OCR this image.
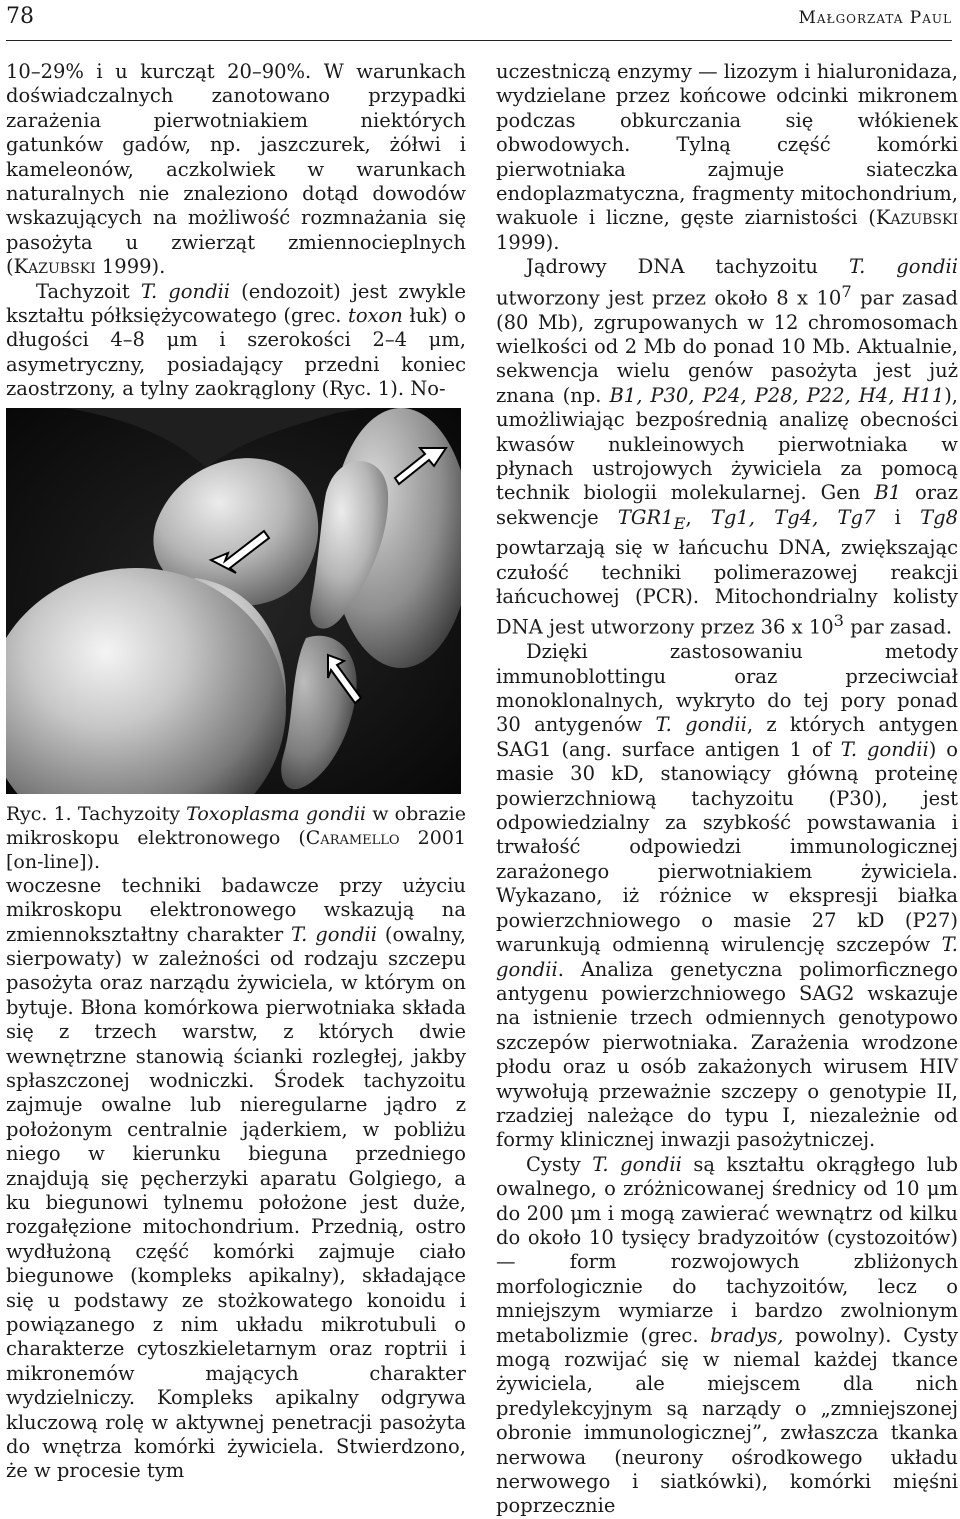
78	Małgorzata Paul

10–29% i u kurcząt 20–90%. W warunkach doświadczalnych zanotowano przypadki zarażenia pierwotniakiem niektórych gatunków gadów, np. jaszczurek, żółwi i kameleonów, aczkolwiek w warunkach naturalnych nie znaleziono dotąd dowodów wskazujących na możliwość rozmnażania się pasożyta u zwierząt zmiennocieplnych (Kazubski 1999).

Tachyzoit T. gondii (endozoit) jest zwykle kształtu półksiężycowatego (grec. toxon łuk) o długości 4–8 μm i szerokości 2–4 μm, asymetryczny, posiadający przedni koniec zaostrzony, a tylny zaokrąglony (Ryc. 1). No-

Ryc. 1. Tachyzoity Toxoplasma gondii w obrazie mikroskopu elektronowego (Caramello 2001 [on-line]).

woczesne techniki badawcze przy użyciu mikroskopu elektronowego wskazują na zmiennokształtny charakter T. gondii (owalny, sierpowaty) w zależności od rodzaju szczepu pasożyta oraz narządu żywiciela, w którym on bytuje. Błona komórkowa pierwotniaka składa się z trzech warstw, z których dwie wewnętrzne stanowią ścianki rozległej, jakby spłaszczonej wodniczki. Środek tachyzoitu zajmuje owalne lub nieregularne jądro z położonym centralnie jąderkiem, w pobliżu niego w kierunku bieguna przedniego znajdują się pęcherzyki aparatu Golgiego, a ku biegunowi tylnemu położone jest duże, rozgałęzione mitochondrium. Przednią, ostro wydłużoną część komórki zajmuje ciało biegunowe (kompleks apikalny), składające się u podstawy ze stożkowatego konoidu i powiązanego z nim układu mikrotubuli o charakterze cytoszkieletarnym oraz roptrii i mikronemów mających charakter wydzielniczy. Kompleks apikalny odgrywa kluczową rolę w aktywnej penetracji pasożyta do wnętrza komórki żywiciela. Stwierdzono, że w procesie tym

uczestniczą enzymy — lizozym i hialuronidaza, wydzielane przez końcowe odcinki mikronem podczas obkurczania się włókienek obwodowych. Tylną część komórki pierwotniaka zajmuje siateczka endoplazmatyczna, fragmenty mitochondrium, wakuole i liczne, gęste ziarnistości (Kazubski 1999).

Jądrowy DNA tachyzoitu T. gondii utworzony jest przez około 8 x $10^7$ par zasad (80 Mb), zgrupowanych w 12 chromosomach wielkości od 2 Mb do ponad 10 Mb. Aktualnie, sekwencja wielu genów pasożyta jest już znana (np. B1, P30, P24, P28, P22, H4, H11), umożliwiając bezpośrednią analizę obecności kwasów nukleinowych pierwotniaka w płynach ustrojowych żywiciela za pomocą technik biologii molekularnej. Gen B1 oraz sekwencje $TGR1_E$, Tg1, Tg4, Tg7 i Tg8 powtarzają się w łańcuchu DNA, zwiększając czułość techniki polimerazowej reakcji łańcuchowej (PCR). Mitochondrialny kolisty DNA jest utworzony przez 36 x $10^3$ par zasad.

Dzięki zastosowaniu metody immunoblottingu oraz przeciwciał monoklonalnych, wykryto do tej pory ponad 30 antygenów T. gondii, z których antygen SAG1 (ang. surface antigen 1 of T. gondii) o masie 30 kD, stanowiący główną proteinę powierzchniową tachyzoitu (P30), jest odpowiedzialny za szybkość powstawania i trwałość odpowiedzi immunologicznej zarażonego pierwotniakiem żywiciela. Wykazano, iż różnice w ekspresji białka powierzchniowego o masie 27 kD (P27) warunkują odmienną wirulencję szczepów T. gondii. Analiza genetyczna polimorficznego antygenu powierzchniowego SAG2 wskazuje na istnienie trzech odmiennych genotypowo szczepów pierwotniaka. Zarażenia wrodzone płodu oraz u osób zakażonych wirusem HIV wywołują przeważnie szczepy o genotypie II, rzadziej należące do typu I, niezależnie od formy klinicznej inwazji pasożytniczej.

Cysty T. gondii są kształtu okrągłego lub owalnego, o zróżnicowanej średnicy od 10 μm do 200 μm i mogą zawierać wewnątrz od kilku do około 10 tysięcy bradyzoitów (cystozoitów) — form rozwojowych zbliżonych morfologicznie do tachyzoitów, lecz o mniejszym wymiarze i bardzo zwolnionym metabolizmie (grec. bradys, powolny). Cysty mogą rozwijać się w niemal każdej tkance żywiciela, ale miejscem dla nich predylekcyjnym są narządy o „zmniejszonej obronie immunologicznej”, zwłaszcza tkanka nerwowa (neurony ośrodkowego układu nerwowego i siatkówki), komórki mięśni poprzecznie
